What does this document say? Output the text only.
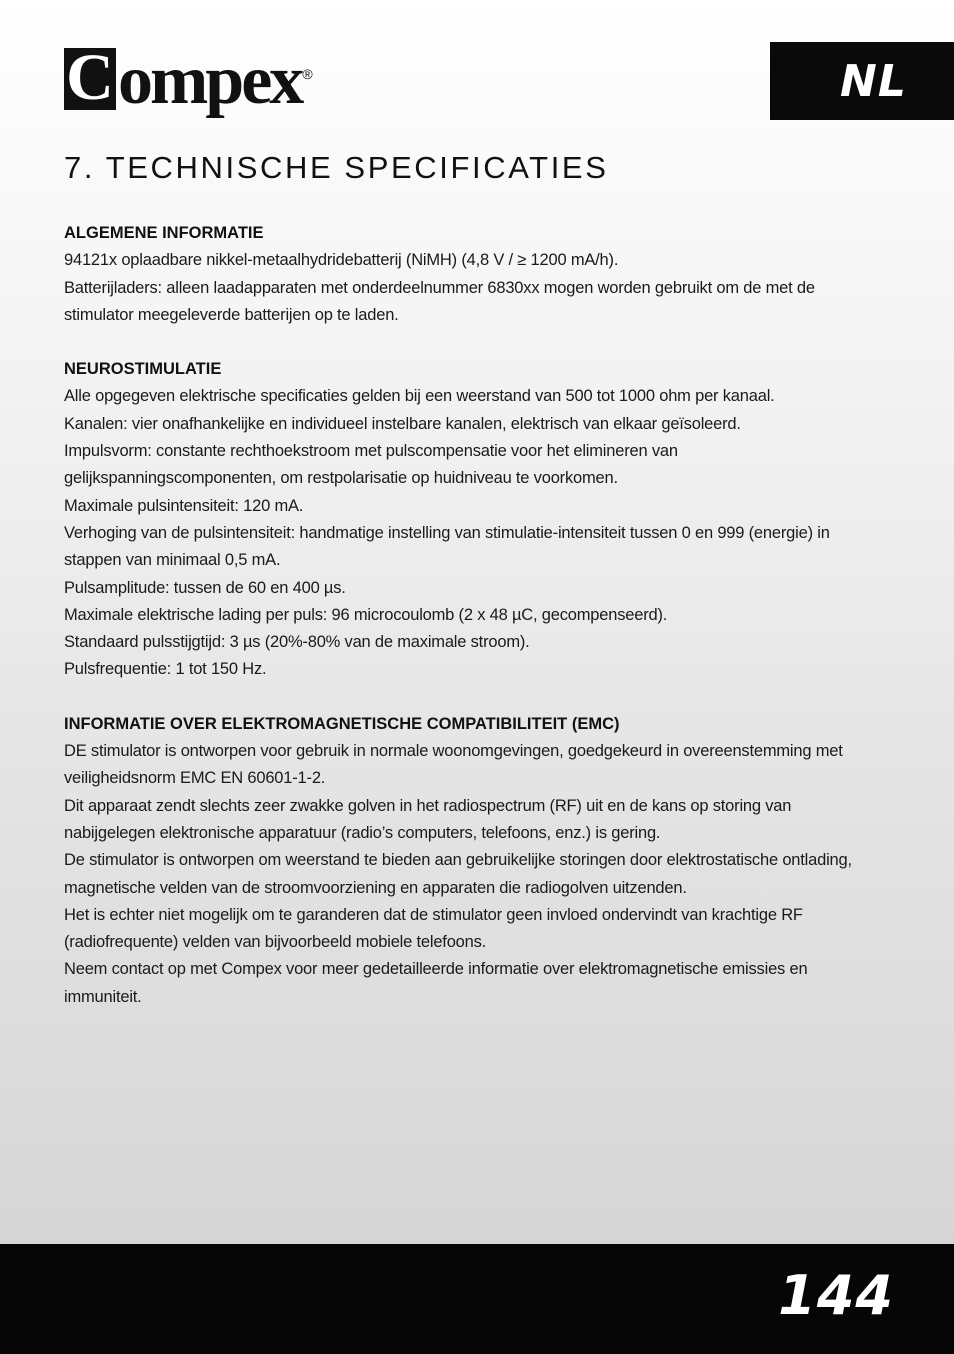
C ompex ®	NL
7. TECHNISCHE SPECIFICATIES

ALGEMENE INFORMATIE

94121x oplaadbare nikkel-metaalhydridebatterij (NiMH) (4,8 V / ≥ 1200 mA/h).

Batterijladers: alleen laadapparaten met onderdeelnummer 6830xx mogen worden gebruikt om de met de stimulator meegeleverde batterijen op te laden.

NEUROSTIMULATIE

Alle opgegeven elektrische specificaties gelden bij een weerstand van 500 tot 1000 ohm per kanaal.

Kanalen: vier onafhankelijke en individueel instelbare kanalen, elektrisch van elkaar geïsoleerd.

Impulsvorm: constante rechthoekstroom met pulscompensatie voor het elimineren van gelijkspanningscomponenten, om restpolarisatie op huidniveau te voorkomen.

Maximale pulsintensiteit: 120 mA.

Verhoging van de pulsintensiteit: handmatige instelling van stimulatie-intensiteit tussen 0 en 999 (energie) in stappen van minimaal 0,5 mA.

Pulsamplitude: tussen de 60 en 400 µs.

Maximale elektrische lading per puls: 96 microcoulomb (2 x 48 µC, gecompenseerd).

Standaard pulsstijgtijd: 3 µs (20%-80% van de maximale stroom).

Pulsfrequentie: 1 tot 150 Hz.

INFORMATIE OVER ELEKTROMAGNETISCHE COMPATIBILITEIT (EMC)

DE stimulator is ontworpen voor gebruik in normale woonomgevingen, goedgekeurd in overeenstemming met veiligheidsnorm EMC EN 60601-1-2.

Dit apparaat zendt slechts zeer zwakke golven in het radiospectrum (RF) uit en de kans op storing van nabijgelegen elektronische apparatuur (radio’s computers, telefoons, enz.) is gering.

De stimulator is ontworpen om weerstand te bieden aan gebruikelijke storingen door elektrostatische ontlading, magnetische velden van de stroomvoorziening en apparaten die radiogolven uitzenden.

Het is echter niet mogelijk om te garanderen dat de stimulator geen invloed ondervindt van krachtige RF (radiofrequente) velden van bijvoorbeeld mobiele telefoons.

Neem contact op met Compex voor meer gedetailleerde informatie over elektromagnetische emissies en immuniteit.

144
